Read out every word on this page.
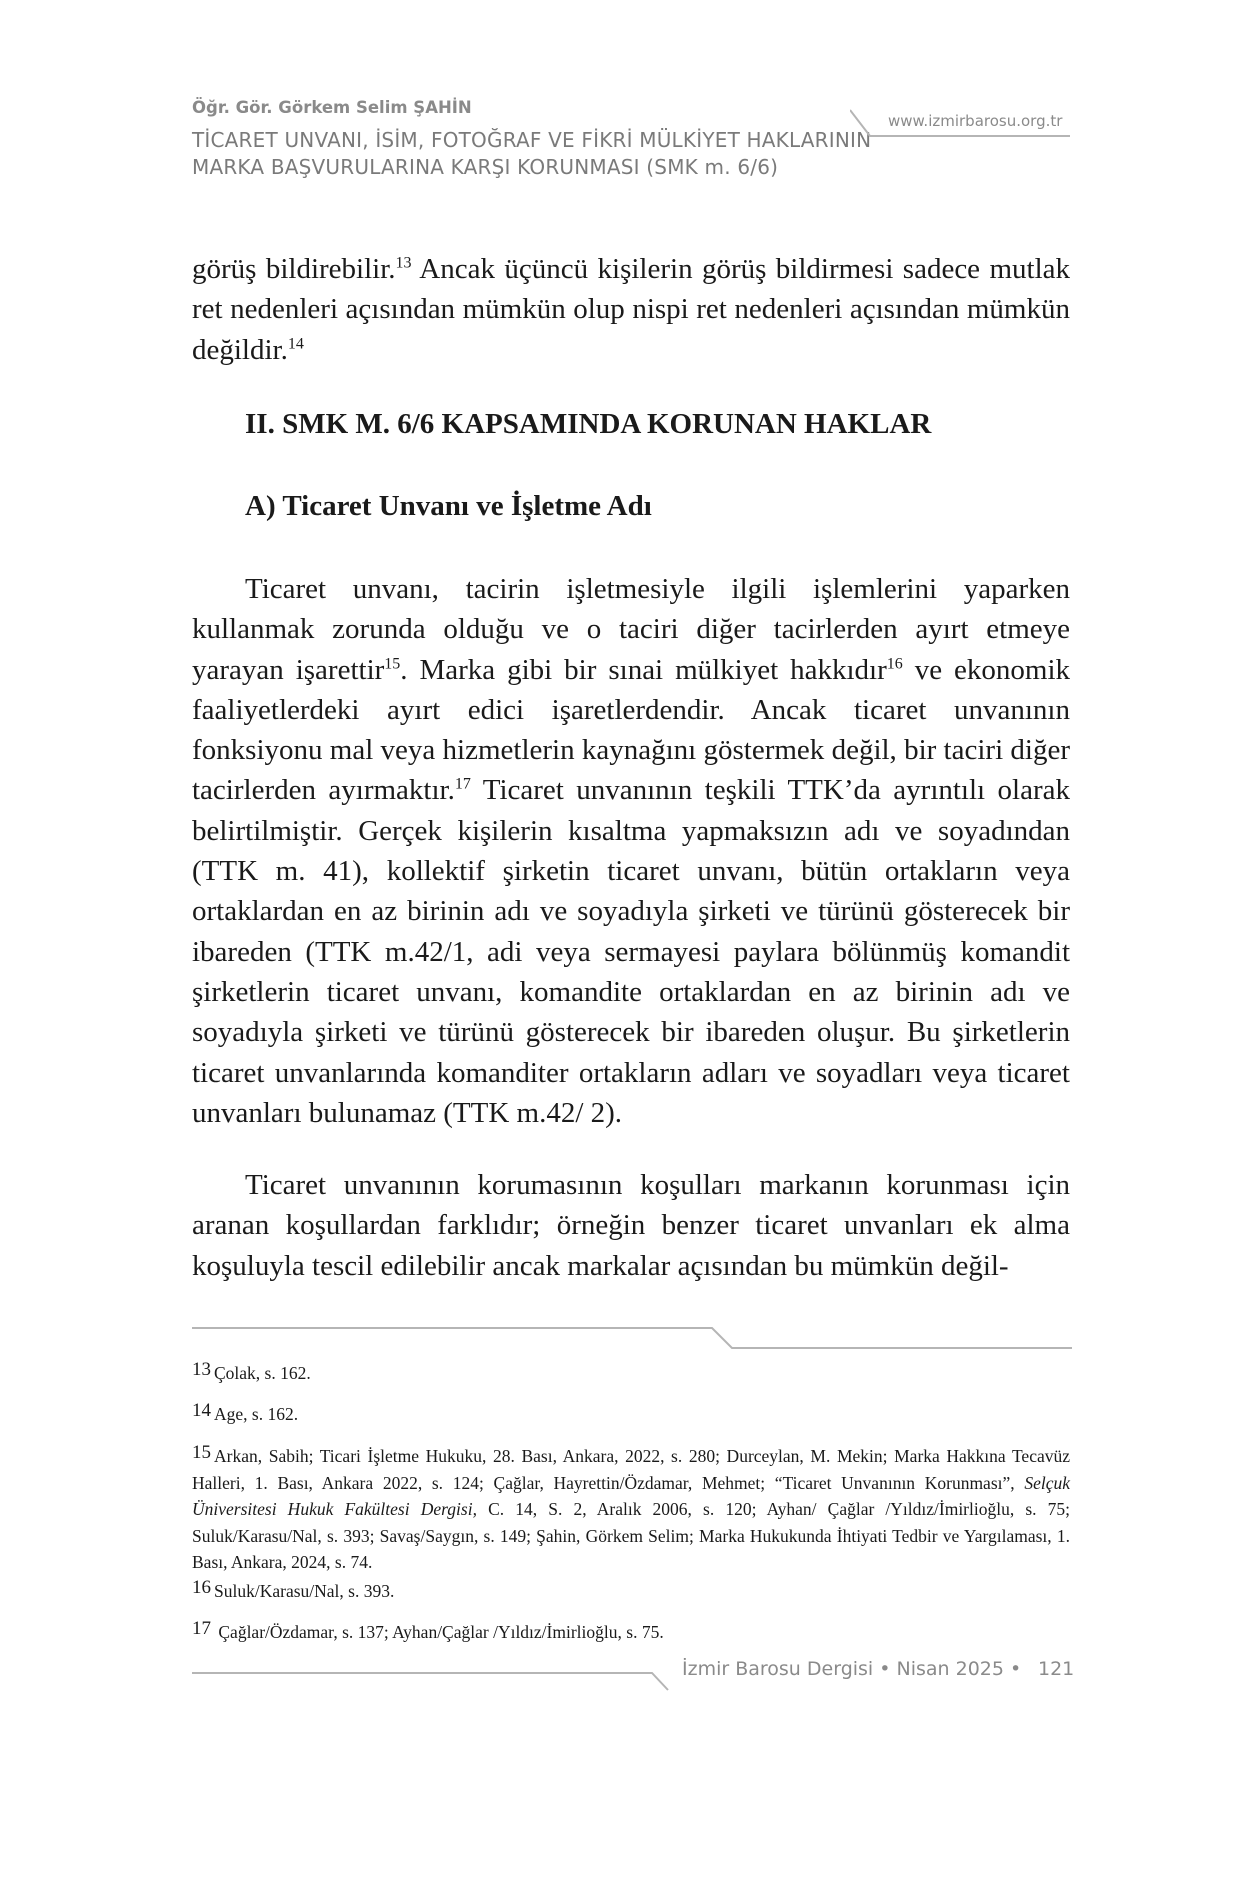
Öğr. Gör. Görkem Selim ŞAHİN
TİCARET UNVANI, İSİM, FOTOĞRAF VE FİKRİ MÜLKİYET HAKLARININ
MARKA BAŞVURULARINA KARŞI KORUNMASI (SMK m. 6/6)
www.izmirbarosu.org.tr

görüş bildirebilir.$^{13}$ Ancak üçüncü kişilerin görüş bildirmesi sadece mutlak ret nedenleri açısından mümkün olup nispi ret nedenleri açısından mümkün değildir.$^{14}$

II. SMK M. 6/6 KAPSAMINDA KORUNAN HAKLAR
A) Ticaret Unvanı ve İşletme Adı

Ticaret unvanı, tacirin işletmesiyle ilgili işlemlerini yaparken kullanmak zorunda olduğu ve o taciri diğer tacirlerden ayırt etmeye yarayan işarettir$^{15}$. Marka gibi bir sınai mülkiyet hakkıdır$^{16}$ ve ekonomik faaliyetlerdeki ayırt edici işaretlerdendir. Ancak ticaret unvanının fonksiyonu mal veya hizmetlerin kaynağını göstermek değil, bir taciri diğer tacirlerden ayırmaktır.$^{17}$ Ticaret unvanının teşkili TTK’da ayrıntılı olarak belirtilmiştir. Gerçek kişilerin kısaltma yapmaksızın adı ve soyadından (TTK m. 41), kollektif şirketin ticaret unvanı, bütün ortakların veya ortaklardan en az birinin adı ve soyadıyla şirketi ve türünü gösterecek bir ibareden (TTK m.42/1, adi veya sermayesi paylara bölünmüş komandit şirketlerin ticaret unvanı, komandite ortaklardan en az birinin adı ve soyadıyla şirketi ve türünü gösterecek bir ibareden oluşur. Bu şirketlerin ticaret unvanlarında komanditer ortakların adları ve soyadları veya ticaret unvanları bulunamaz (TTK m.42/ 2).

Ticaret unvanının korumasının koşulları markanın korunması için aranan koşullardan farklıdır; örneğin benzer ticaret unvanları ek alma koşuluyla tescil edilebilir ancak markalar açısından bu mümkün değil-

13 Çolak, s. 162.

14 Age, s. 162.

15 Arkan, Sabih; Ticari İşletme Hukuku, 28. Bası, Ankara, 2022, s. 280; Durceylan, M. Mekin; Marka Hakkına Tecavüz Halleri, 1. Bası, Ankara 2022, s. 124; Çağlar, Hayrettin/Özdamar, Mehmet; “Ticaret Unvanının Korunması”, Selçuk Üniversitesi Hukuk Fakültesi Dergisi, C. 14, S. 2, Aralık 2006, s. 120; Ayhan/ Çağlar /Yıldız/İmirlioğlu, s. 75; Suluk/Karasu/Nal, s. 393; Savaş/Saygın, s. 149; Şahin, Görkem Selim; Marka Hukukunda İhtiyati Tedbir ve Yargılaması, 1. Bası, Ankara, 2024, s. 74.

16 Suluk/Karasu/Nal, s. 393.

17 Çağlar/Özdamar, s. 137; Ayhan/Çağlar /Yıldız/İmirlioğlu, s. 75.

İzmir Barosu Dergisi • Nisan 2025 • 121
